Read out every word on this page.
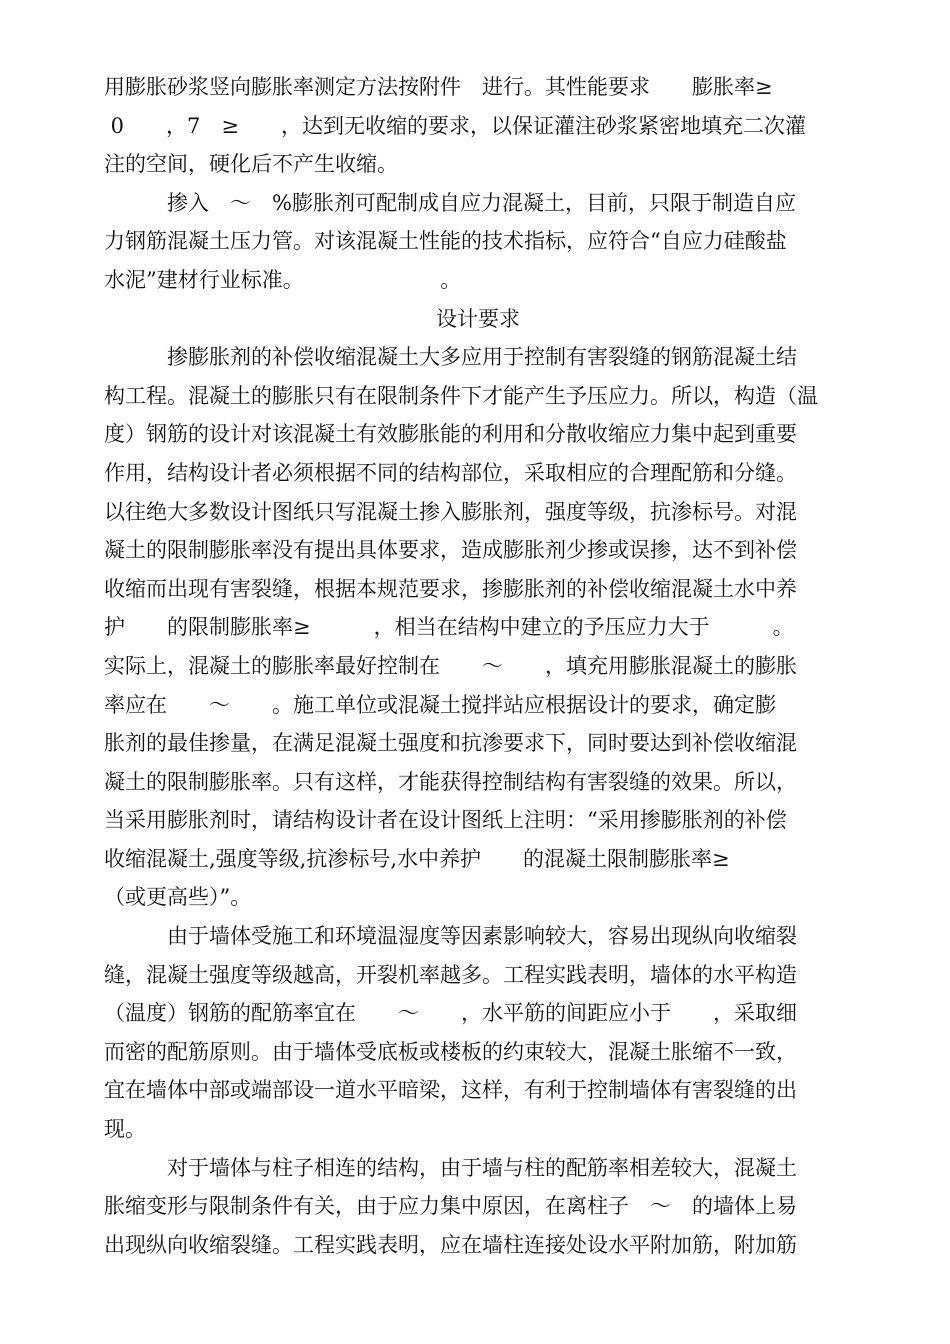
用膨胀砂浆竖向膨胀率测定方法按附件　进行。其性能要求　　膨胀率≥
0　　，7　≥　　，达到无收缩的要求，以保证灌注砂浆紧密地填充二次灌
注的空间，硬化后不产生收缩。
　　　掺入　～　%膨胀剂可配制成自应力混凝土，目前，只限于制造自应
力钢筋混凝土压力管。对该混凝土性能的技术指标，应符合“自应力硅酸盐
水泥”建材行业标准。　　　　　　　。
设计要求
　　　掺膨胀剂的补偿收缩混凝土大多应用于控制有害裂缝的钢筋混凝土结
构工程。混凝土的膨胀只有在限制条件下才能产生予压应力。所以，构造（温
度）钢筋的设计对该混凝土有效膨胀能的利用和分散收缩应力集中起到重要
作用，结构设计者必须根据不同的结构部位，采取相应的合理配筋和分缝。
以往绝大多数设计图纸只写混凝土掺入膨胀剂，强度等级，抗渗标号。对混
凝土的限制膨胀率没有提出具体要求，造成膨胀剂少掺或误掺，达不到补偿
收缩而出现有害裂缝，根据本规范要求，掺膨胀剂的补偿收缩混凝土水中养
护　　的限制膨胀率≥　　　，相当在结构中建立的予压应力大于　　　。
实际上，混凝土的膨胀率最好控制在　　～　　，填充用膨胀混凝土的膨胀
率应在　　～　　。施工单位或混凝土搅拌站应根据设计的要求，确定膨
胀剂的最佳掺量，在满足混凝土强度和抗渗要求下，同时要达到补偿收缩混
凝土的限制膨胀率。只有这样，才能获得控制结构有害裂缝的效果。所以，
当采用膨胀剂时，请结构设计者在设计图纸上注明：“采用掺膨胀剂的补偿
收缩混凝土,强度等级,抗渗标号,水中养护　　的混凝土限制膨胀率≥
（或更高些）”。
　　　由于墙体受施工和环境温湿度等因素影响较大，容易出现纵向收缩裂
缝，混凝土强度等级越高，开裂机率越多。工程实践表明，墙体的水平构造
（温度）钢筋的配筋率宜在　　～　　，水平筋的间距应小于　　，采取细
而密的配筋原则。由于墙体受底板或楼板的约束较大，混凝土胀缩不一致，
宜在墙体中部或端部设一道水平暗梁，这样，有利于控制墙体有害裂缝的出
现。
　　　对于墙体与柱子相连的结构，由于墙与柱的配筋率相差较大，混凝土
胀缩变形与限制条件有关，由于应力集中原因，在离柱子　～　的墙体上易
出现纵向收缩裂缝。工程实践表明，应在墙柱连接处设水平附加筋，附加筋
